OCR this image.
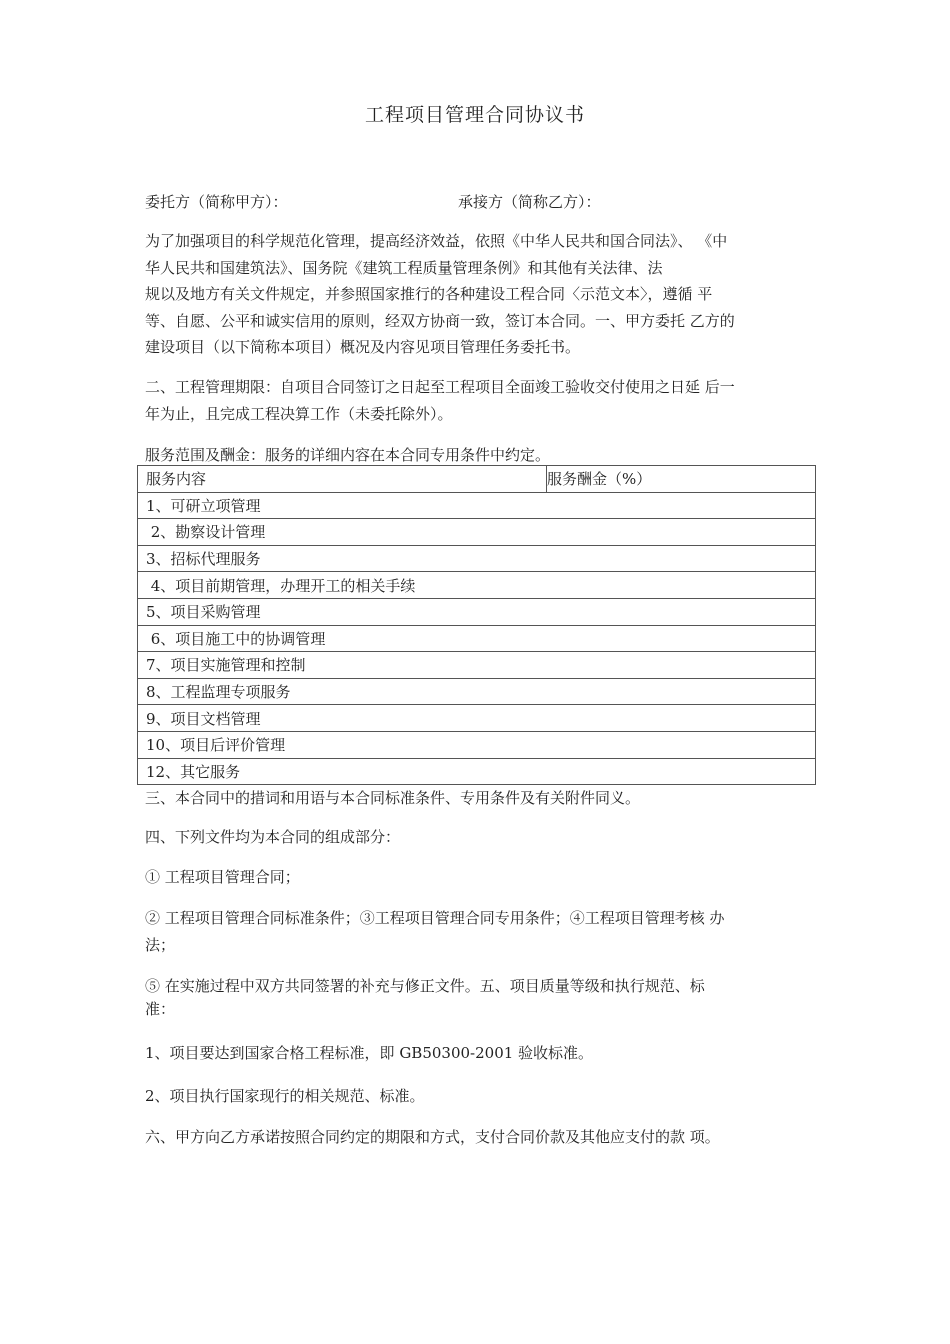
工程项目管理合同协议书
委托方（简称甲方）：	承接方（简称乙方）：
为了加强项目的科学规范化管理，提高经济效益，依照《中华人民共和国合同法》、 《中
华人民共和国建筑法》、国务院《建筑工程质量管理条例》和其他有关法律、法
规以及地方有关文件规定，并参照国家推行的各种建设工程合同〈示范文本〉，遵循 平
等、自愿、公平和诚实信用的原则，经双方协商一致，签订本合同。一、甲方委托 乙方的
建设项目（以下简称本项目）概况及内容见项目管理任务委托书。
二、工程管理期限：自项目合同签订之日起至工程项目全面竣工验收交付使用之日延 后一
年为止，且完成工程决算工作（未委托除外）。
服务范围及酬金：服务的详细内容在本合同专用条件中约定。
服务内容	服务酬金（%）
1、可研立项管理
2、勘察设计管理
3、招标代理服务
4、项目前期管理，办理开工的相关手续
5、项目采购管理
6、项目施工中的协调管理
7、项目实施管理和控制
8、工程监理专项服务
9、项目文档管理
10、项目后评价管理
12、其它服务
三、本合同中的措词和用语与本合同标准条件、专用条件及有关附件同义。
四、下列文件均为本合同的组成部分：
① 工程项目管理合同；
② 工程项目管理合同标准条件；③工程项目管理合同专用条件；④工程项目管理考核 办
法；
⑤ 在实施过程中双方共同签署的补充与修正文件。五、项目质量等级和执行规范、标
准：
1、项目要达到国家合格工程标准，即 GB50300-2001 验收标准。
2、项目执行国家现行的相关规范、标准。
六、甲方向乙方承诺按照合同约定的期限和方式，支付合同价款及其他应支付的款 项。
